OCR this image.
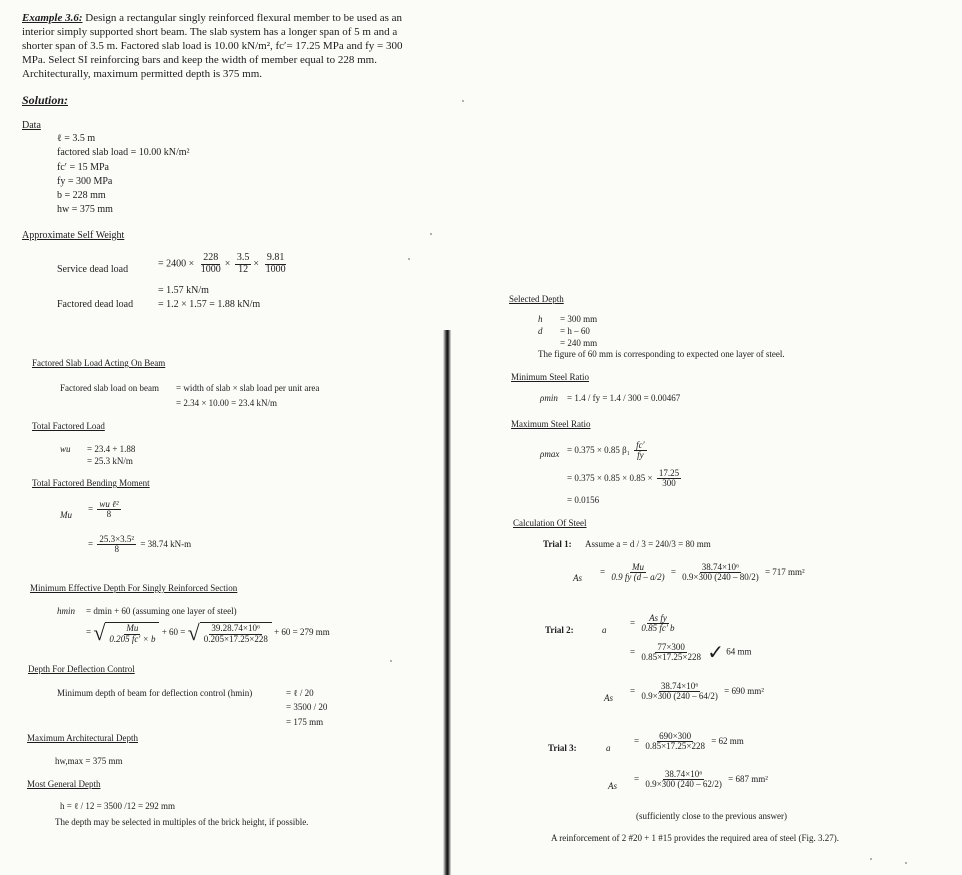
Example 3.6: Design a rectangular singly reinforced flexural member to be used as an
interior simply supported short beam. The slab system has a longer span of 5 m and a
shorter span of 3.5 m. Factored slab load is 10.00 kN/m², fc′= 17.25 MPa and fy = 300
MPa. Select SI reinforcing bars and keep the width of member equal to 228 mm.
Architecturally, maximum permitted depth is 375 mm.
Solution:
Data
ℓ = 3.5 m
factored slab load = 10.00 kN/m²
fc′ = 15 MPa
fy = 300 MPa
b = 228 mm
hw = 375 mm
Approximate Self Weight
Service dead load
= $2400 \times \frac{228}{1000} \times \frac{3.5}{12} \times \frac{9.81}{1000}$
= 1.57 kN/m
Factored dead load = 1.2 × 1.57 = 1.88 kN/m
Factored Slab Load Acting On Beam
Factored slab load on beam = width of slab × slab load per unit area
= 2.34 × 10.00 = 23.4 kN/m
Total Factored Load
wu = 23.4 + 1.88
= 25.3 kN/m
Total Factored Bending Moment
Mu
= $\frac{\text{wu ℓ²}}{8}$
= $\frac{\text{25.3×3.5²}}{8} = 38.74$ kN-m
Minimum Effective Depth For Singly Reinforced Section
hmin = dmin + 60 (assuming one layer of steel)
= √ $\frac{Mu}{0.205 fc' \times b} + 60$ = √ $\frac{\text{39.28.74×10⁶}}{0.205\times 17.25\times 228} + 60 = 279$ mm
Depth For Deflection Control
Minimum depth of beam for deflection control (hmin)	= ℓ / 20
= 3500 / 20
= 175 mm
Maximum Architectural Depth
hw,max = 375 mm
Most General Depth
h = ℓ / 12 = 3500 /12 = 292 mm
The depth may be selected in multiples of the brick height, if possible.
Selected Depth
h = 300 mm
d = h – 60
= 240 mm
The figure of 60 mm is corresponding to expected one layer of steel.
Minimum Steel Ratio
ρmin = 1.4 / fy = 1.4 / 300 = 0.00467
Maximum Steel Ratio
ρmax = 0.375 × 0.85 $\beta_1 \frac{fc'}{fy}$
= $0.375 \times 0.85 \times 0.85 \times \frac{17.25}{300}$
= 0.0156
Calculation Of Steel
Trial 1: Assume a = d / 3 = 240/3 = 80 mm
As
= $\frac{Mu}{0.9 fy (d - a/2)} = \frac{\text{38.74×10⁶}}{0.9\times 300 (240 - 80/2)} = 717$ mm²
Trial 2:	a
= $\frac{\text{As fy}}{0.85 fc' b}$
= $\frac{77\times 300}{0.85\times 17.25\times 228}$ ✓ 64 mm
As
= $\frac{\text{38.74×10⁶}}{0.9\times 300 (240 - 64/2)} = 690$ mm²
Trial 3:	a
= $\frac{690\times 300}{0.85\times 17.25\times 228} = 62$ mm
As
= $\frac{\text{38.74×10⁶}}{0.9\times 300 (240 - 62/2)} = 687$ mm²
(sufficiently close to the previous answer)
A reinforcement of 2 #20 + 1 #15 provides the required area of steel (Fig. 3.27).
